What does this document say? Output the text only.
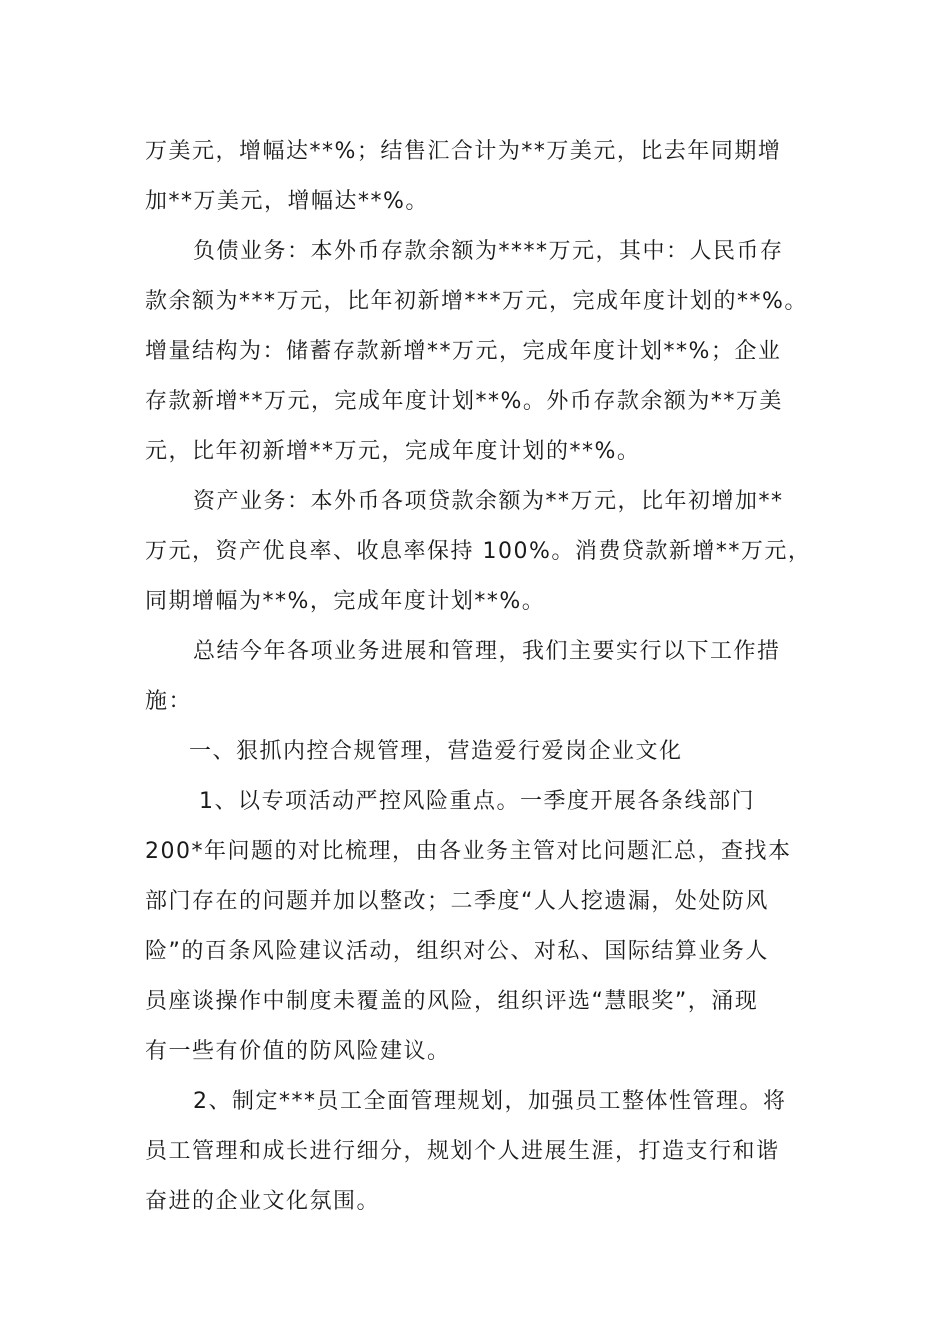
万美元，增幅达**%；结售汇合计为**万美元，比去年同期增
加**万美元，增幅达**%。
负债业务：本外币存款余额为****万元，其中：人民币存
款余额为***万元，比年初新增***万元，完成年度计划的**%。
增量结构为：储蓄存款新增**万元，完成年度计划**%；企业
存款新增**万元，完成年度计划**%。外币存款余额为**万美
元，比年初新增**万元，完成年度计划的**%。
资产业务：本外币各项贷款余额为**万元，比年初增加**
万元，资产优良率、收息率保持 100%。消费贷款新增**万元，
同期增幅为**%，完成年度计划**%。
总结今年各项业务进展和管理，我们主要实行以下工作措
施：
一、狠抓内控合规管理，营造爱行爱岗企业文化
1、以专项活动严控风险重点。一季度开展各条线部门
200*年问题的对比梳理，由各业务主管对比问题汇总，查找本
部门存在的问题并加以整改；二季度“人人挖遗漏，处处防风
险”的百条风险建议活动，组织对公、对私、国际结算业务人
员座谈操作中制度未覆盖的风险，组织评选“慧眼奖”，涌现
有一些有价值的防风险建议。
2、制定***员工全面管理规划，加强员工整体性管理。将
员工管理和成长进行细分，规划个人进展生涯，打造支行和谐
奋进的企业文化氛围。
